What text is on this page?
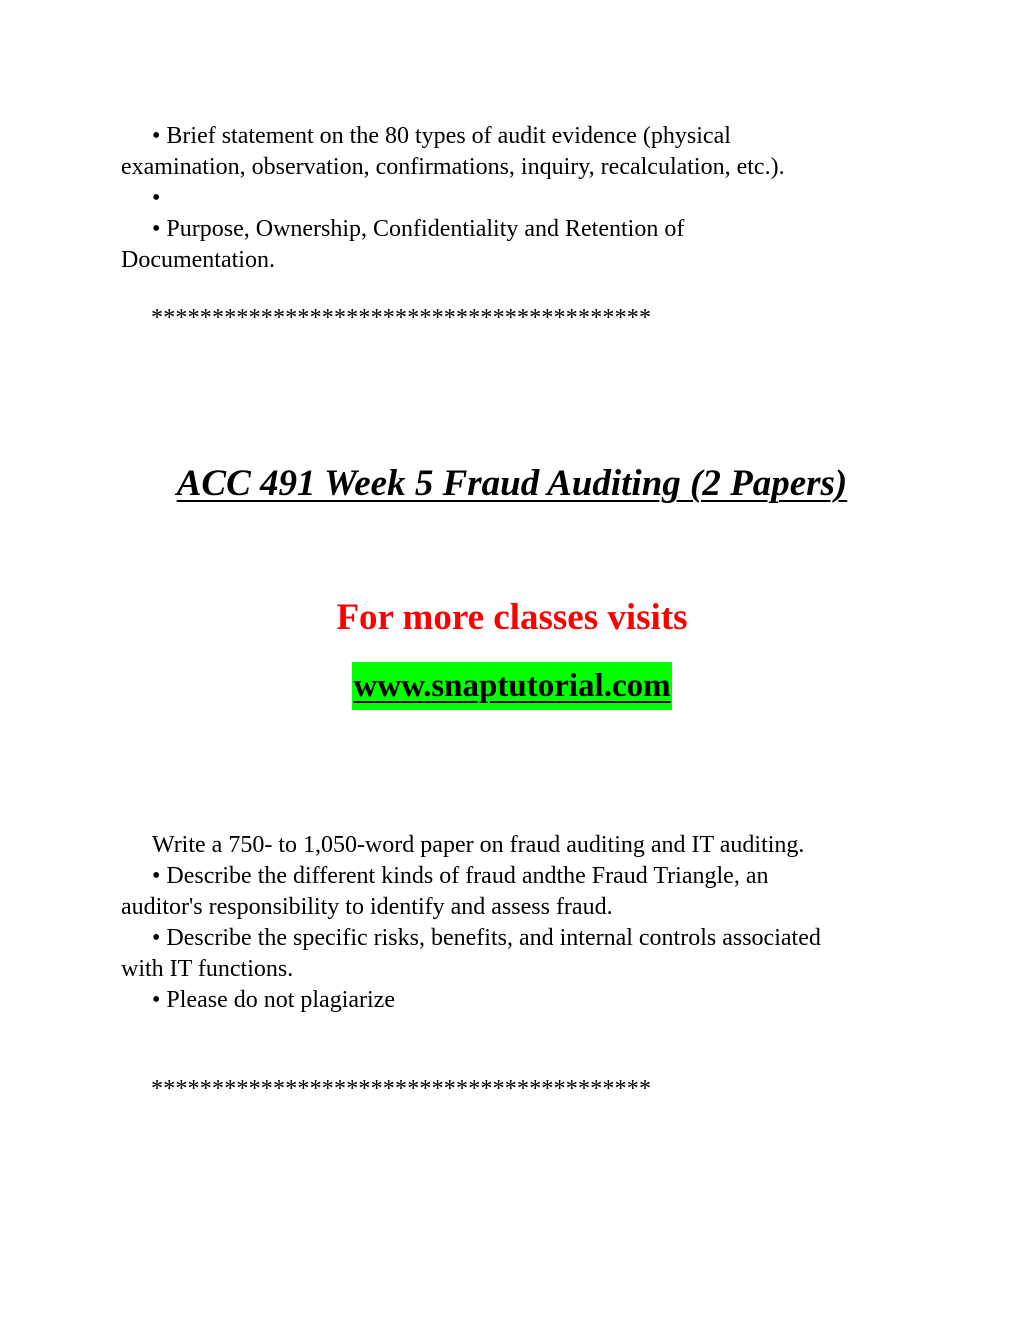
• Brief statement on the 80 types of audit evidence (physical
examination, observation, confirmations, inquiry, recalculation, etc.).
•
• Purpose, Ownership, Confidentiality and Retention of
Documentation.
*****************************************
ACC 491 Week 5 Fraud Auditing (2 Papers)
For more classes visits
www.snaptutorial.com
Write a 750- to 1,050-word paper on fraud auditing and IT auditing.
• Describe the different kinds of fraud andthe Fraud Triangle, an
auditor's responsibility to identify and assess fraud.
• Describe the specific risks, benefits, and internal controls associated
with IT functions.
• Please do not plagiarize
*****************************************
